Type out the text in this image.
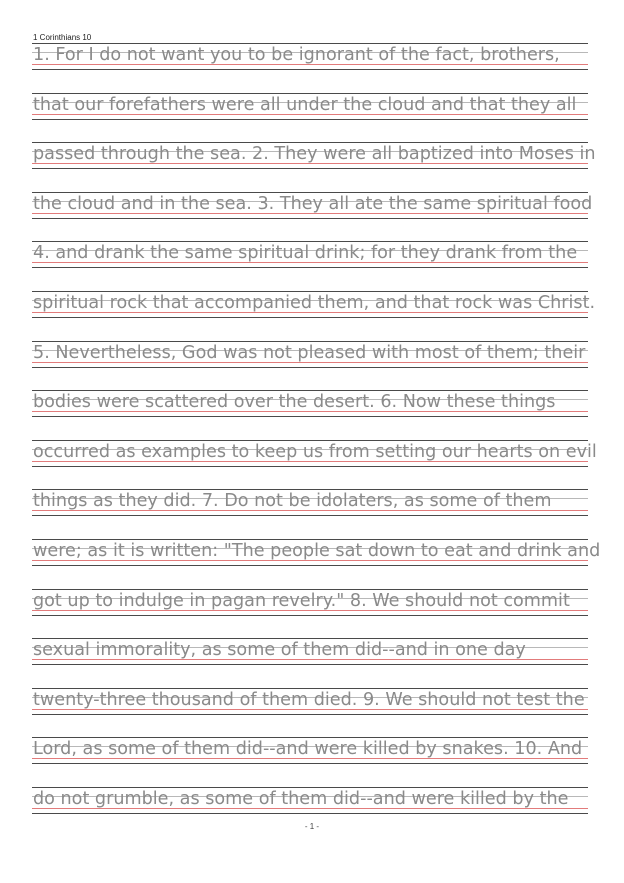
1 Corinthians 10
1. For I do not want you to be ignorant of the fact, brothers,
that our forefathers were all under the cloud and that they all
passed through the sea. 2. They were all baptized into Moses in
the cloud and in the sea. 3. They all ate the same spiritual food
4. and drank the same spiritual drink; for they drank from the
spiritual rock that accompanied them, and that rock was Christ.
5. Nevertheless, God was not pleased with most of them; their
bodies were scattered over the desert. 6. Now these things
occurred as examples to keep us from setting our hearts on evil
things as they did. 7. Do not be idolaters, as some of them
were; as it is written: "The people sat down to eat and drink and
got up to indulge in pagan revelry." 8. We should not commit
sexual immorality, as some of them did--and in one day
twenty-three thousand of them died. 9. We should not test the
Lord, as some of them did--and were killed by snakes. 10. And
do not grumble, as some of them did--and were killed by the
- 1 -
